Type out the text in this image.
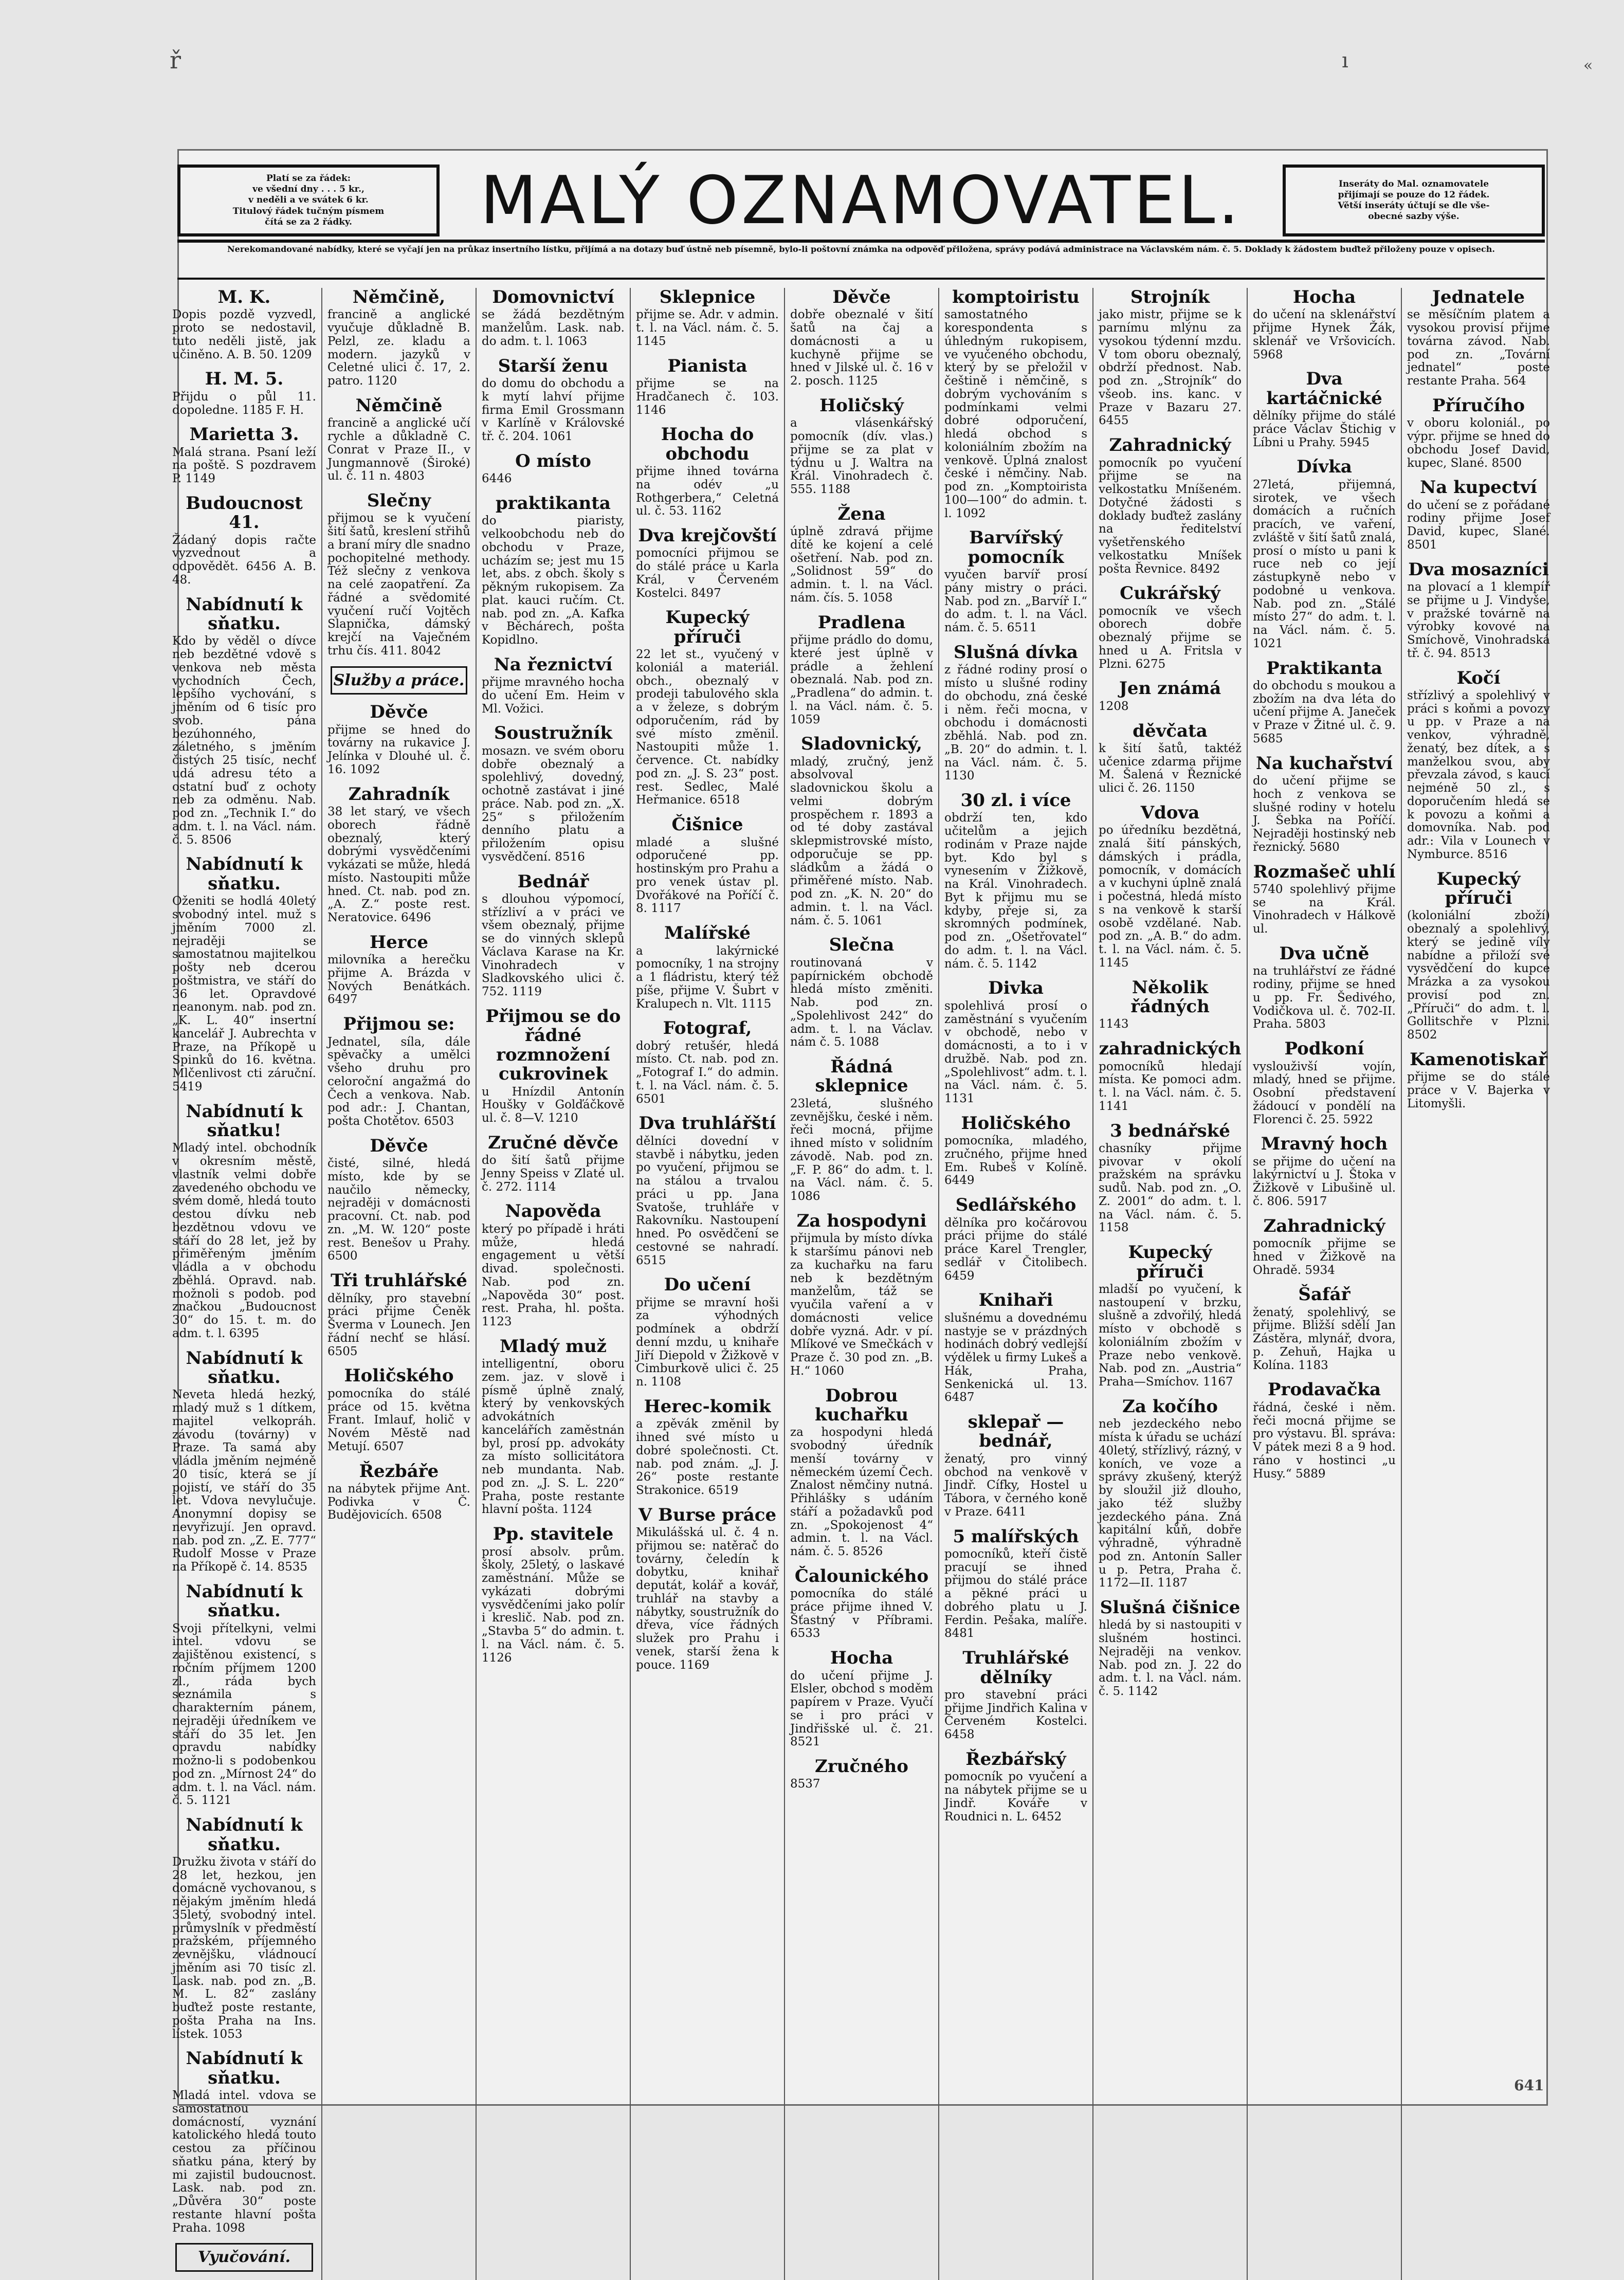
ř	ı	«
Platí se za řádek:
ve všední dny . . . 5 kr.,
v neděli a ve svátek 6 kr.
Titulový řádek tučným písmem
čítá se za 2 řádky.	MALÝ OZNAMOVATEL.	Inseráty do Mal. oznamovatele
přijímají se pouze do 12 řádek.
Větší inseráty účtují se dle vše-
obecné sazby výše.
Nerekomandované nabídky, které se vyčají jen na průkaz insertního lístku, přijímá a na dotazy buď ústně neb písemně, bylo-li poštovní známka na odpověď přiložena, správy podává administrace na Václavském nám. č. 5. Doklady k žádostem buďtež přiloženy pouze v opisech.
M. K.
Dopis pozdě vyzvedl, proto se nedostavil, tuto neděli jistě, jak učiněno. A. B. 50. 1209
H. M. 5.
Přijdu o půl 11. dopoledne. 1185 F. H.
Marietta 3.
Malá strana. Psaní leží na poště. S pozdravem P. 1149
Budoucnost 41.
Žádaný dopis račte vyzvednout a odpovědět. 6456 A. B. 48.
Nabídnutí k sňatku.
Kdo by věděl o dívce neb bezdětné vdově s venkova neb města vychodních Čech, lepšího vychování, s jměním od 6 tisíc pro svob. pána bezúhonného, záletného, s jměním čistých 25 tisíc, nechť udá adresu této a ostatní buď z ochoty neb za odměnu. Nab. pod zn. „Technik I.“ do adm. t. l. na Václ. nám. č. 5. 8506
Nabídnutí k sňatku.
Oženiti se hodlá 40letý svobodný intel. muž s jměním 7000 zl. nejraději se samostatnou majitelkou pošty neb dcerou poštmistra, ve stáří do 36 let. Opravdové neanonym. nab. pod zn. „K. L. 40“ insertní kancelář J. Aubrechta v Praze, na Příkopě u Spinků do 16. května. Mlčenlivost cti záruční. 5419
Nabídnutí k sňatku!
Mladý intel. obchodník v okresním městě, vlastník velmi dobře zavedeného obchodu ve svém domě, hledá touto cestou dívku neb bezdětnou vdovu ve stáří do 28 let, jež by přiměřeným jměním vládla a v obchodu zběhlá. Opravd. nab. možnoli s podob. pod značkou „Budoucnost 30“ do 15. t. m. do adm. t. l. 6395
Nabídnutí k sňatku.
Neveta hledá hezký, mladý muž s 1 dítkem, majitel velkopráh. závodu (továrny) v Praze. Ta samá aby vládla jměním nejméně 20 tisíc, která se jí pojistí, ve stáří do 35 let. Vdova nevylučuje. Anonymní dopisy se nevyřizují. Jen opravd. nab. pod zn. „Z. E. 777“ Rudolf Mosse v Praze na Příkopě č. 14. 8535
Nabídnutí k sňatku.
Svoji přítelkyni, velmi intel. vdovu se zajištěnou existencí, s ročním příjmem 1200 zl., ráda bych seznámila s charakterním pánem, nejraději úředníkem ve stáří do 35 let. Jen opravdu nabídky možno-li s podobenkou pod zn. „Mírnost 24“ do adm. t. l. na Václ. nám. č. 5. 1121
Nabídnutí k sňatku.
Družku života v stáří do 28 let, hezkou, jen domácně vychovanou, s nějakým jměním hledá 35letý, svobodný intel. průmyslník v předměstí pražském, příjemného zevnějšku, vládnoucí jměním asi 70 tisíc zl. Lask. nab. pod zn. „B. M. L. 82“ zaslány buďtež poste restante, pošta Praha na Ins. lístek. 1053
Nabídnutí k sňatku.
Mladá intel. vdova se samostatnou domácností, vyznání katolického hledá touto cestou za příčinou sňatku pána, který by mi zajistil budoucnost. Lask. nab. pod zn. „Důvěra 30“ poste restante hlavní pošta Praha. 1098
Vyučování.
Němčině,
francině a anglické vyučuje důkladně B. Pelzl, ze. kladu a modern. jazyků v Celetné ulici č. 17, 2. patro. 1120
Němčině
francině a anglické učí rychle a důkladně C. Conrat v Praze II., v Jungmannově (Široké) ul. č. 11 n. 4803
Slečny
přijmou se k vyučení šití šatů, kreslení střihů a braní míry dle snadno pochopitelné methody. Též slečny z venkova na celé zaopatření. Za řádné a svědomité vyučení ručí Vojtěch Slapnička, dámský krejčí na Vaječném trhu čís. 411. 8042
Služby a práce.
Děvče
přijme se hned do továrny na rukavice J. Jelínka v Dlouhé ul. č. 16. 1092
Zahradník
38 let starý, ve všech oborech řádně obeznalý, který dobrými vysvědčeními vykázati se může, hledá místo. Nastoupiti může hned. Ct. nab. pod zn. „A. Z.“ poste rest. Neratovice. 6496
Herce
milovníka a herečku přijme A. Brázda v Nových Benátkách. 6497
Přijmou se:
Jednatel, síla, dále spěvačky a umělci všeho druhu pro celoroční angažmá do Čech a venkova. Nab. pod adr.: J. Chantan, pošta Chotětov. 6503
Děvče
čisté, silné, hledá místo, kde by se naučilo německy, nejraději v domácnosti pracovní. Ct. nab. pod zn. „M. W. 120“ poste rest. Benešov u Prahy. 6500
Tři truhlářské
dělníky, pro stavební práci přijme Čeněk Šverma v Lounech. Jen řádní nechť se hlásí. 6505
Holičského
pomocníka do stálé práce od 15. května Frant. Imlauf, holič v Novém Městě nad Metují. 6507
Řezbáře
na nábytek přijme Ant. Podivka v Č. Budějovicích. 6508
Domovnictví
se žádá bezdětným manželům. Lask. nab. do adm. t. l. 1063
Starší ženu
do domu do obchodu a k mytí lahví přijme firma Emil Grossmann v Karlíně v Královské tř. č. 204. 1061
O místo
6446
praktikanta
do piaristy, velkoobchodu neb do obchodu v Praze, ucházím se; jest mu 15 let, abs. z obch. školy s pěkným rukopisem. Za plat. kauci ručím. Ct. nab. pod zn. „A. Kafka v Běchárech, pošta Kopidlno.
Na řeznictví
přijme mravného hocha do učení Em. Heim v Ml. Vožici.
Soustružník
mosazn. ve svém oboru dobře obeznalý a spolehlivý, dovedný, ochotně zastávat i jiné práce. Nab. pod zn. „X. 25“ s přiložením denního platu a přiložením opisu vysvědčení. 8516
Bednář
s dlouhou výpomocí, střízliví a v práci ve všem obeznalý, přijme se do vinných sklepů Václava Karase na Kr. Vinohradech v Sladkovského ulici č. 752. 1119
Přijmou se do řádné rozmnožení cukrovinek
u Hnízdil Antonín Houšky v Golďáčkově ul. č. 8—V. 1210
Zručné děvče
do šití šatů přijme Jenny Speiss v Zlaté ul. č. 272. 1114
Napověda
který po případě i hráti může, hledá engagement u větší divad. společnosti. Nab. pod zn. „Napověda 30“ post. rest. Praha, hl. pošta. 1123
Mladý muž
intelligentní, oboru zem. jaz. v slově i písmě úplně znalý, který by venkovských advokátních kancelářích zaměstnán byl, prosí pp. advokáty za místo sollicitátora neb mundanta. Nab. pod zn. „J. S. L. 220“ Praha, poste restante hlavní pošta. 1124
Pp. stavitele
prosí absolv. prům. školy, 25letý, o laskavé zaměstnání. Může se vykázati dobrými vysvědčeními jako polír i kreslič. Nab. pod zn. „Stavba 5“ do admin. t. l. na Václ. nám. č. 5. 1126
Sklepnice
přijme se. Adr. v admin. t. l. na Václ. nám. č. 5. 1145
Pianista
přijme se na Hradčanech č. 103. 1146
Hocha do obchodu
přijme ihned továrna na odév „u Rothgerbera,“ Celetná ul. č. 53. 1162
Dva krejčovští
pomocníci přijmou se do stálé práce u Karla Král, v Červeném Kostelci. 8497
Kupecký příruči
22 let st., vyučený v koloniál a materiál. obch., obeznalý v prodeji tabulového skla a v železe, s dobrým odporučením, rád by své místo změnil. Nastoupiti může 1. července. Ct. nabídky pod zn. „J. S. 23“ post. rest. Sedlec, Malé Heřmanice. 6518
Čišnice
mladé a slušné odporučené pp. hostinským pro Prahu a pro venek ústav pl. Dvořákové na Poříčí č. 8. 1117
Malířské
a lakýrnické pomocníky, 1 na strojny a 1 fládristu, který též píše, přijme V. Šubrt v Kralupech n. Vlt. 1115
Fotograf,
dobrý retušér, hledá místo. Ct. nab. pod zn. „Fotograf I.“ do admin. t. l. na Václ. nám. č. 5. 6501
Dva truhlářští
dělníci dovední v stavbě i nábytku, jeden po vyučení, přijmou se na stálou a trvalou práci u pp. Jana Svatoše, truhláře v Rakovníku. Nastoupení hned. Po osvědčení se cestovné se nahradí. 6515
Do učení
přijme se mravní hoši za výhodných podmínek a obdrží denní mzdu, u knihaře Jiří Diepold v Žižkově v Cimburkově ulici č. 25 n. 1108
Herec-komik
a zpěvák změnil by ihned své místo u dobré společnosti. Ct. nab. pod znám. „J. J. 26“ poste restante Strakonice. 6519
V Burse práce
Mikulášská ul. č. 4 n. přijmou se: natěrač do továrny, čeledín k dobytku, knihař deputát, kolář a kovář, truhlář na stavby a nábytky, soustružník do dřeva, více řádných služek pro Prahu i venek, starší žena k pouce. 1169
Děvče
dobře obeznalé v šití šatů na čaj a domácnosti a u kuchyně přijme se hned v Jilské ul. č. 16 v 2. posch. 1125
Holičský
a vlásenkářský pomocník (dív. vlas.) přijme se za plat v týdnu u J. Waltra na Král. Vinohradech č. 555. 1188
Žena
úplně zdravá přijme dítě ke kojení a celé ošetření. Nab. pod zn. „Solidnost 59“ do admin. t. l. na Václ. nám. čís. 5. 1058
Pradlena
přijme prádlo do domu, které jest úplně v prádle a žehlení obeznalá. Nab. pod zn. „Pradlena“ do admin. t. l. na Václ. nám. č. 5. 1059
Sladovnický,
mladý, zručný, jenž absolvoval sladovnickou školu a velmi dobrým prospěchem r. 1893 a od té doby zastával sklepmistrovské místo, odporučuje se pp. sládkům a žádá o přiměřené místo. Nab. pod zn. „K. N. 20“ do admin. t. l. na Václ. nám. č. 5. 1061
Slečna
routinovaná v papírnickém obchodě hledá místo změniti. Nab. pod zn. „Spolehlivost 242“ do adm. t. l. na Václav. nám č. 5. 1088
Řádná sklepnice
23letá, slušného zevnějšku, české i něm. řeči mocná, přijme ihned místo v solidním závodě. Nab. pod zn. „F. P. 86“ do adm. t. l. na Václ. nám. č. 5. 1086
Za hospodyni
přijmula by místo dívka k staršímu pánovi neb za kuchařku na faru neb k bezdětným manželům, táž se vyučila vaření a v domácnosti velice dobře vyzná. Adr. v pí. Mlíkové ve Smečkách v Praze č. 30 pod zn. „B. H.“ 1060
Dobrou kuchařku
za hospodyni hledá svobodný úředník menší továrny v německém území Čech. Znalost němčiny nutná. Přihlášky s udáním stáří a požadavků pod zn. „Spokojenost 4“ admin. t. l. na Václ. nám. č. 5. 8526
Čalounického
pomocníka do stálé práce přijme ihned V. Šťastný v Příbrami. 6533
Hocha
do učení přijme J. Elsler, obchod s moděm papírem v Praze. Vyučí se i pro práci v Jindřišské ul. č. 21. 8521
Zručného
8537
komptoiristu
samostatného korespondenta s úhledným rukopisem, ve vyučeného obchodu, který by se přeložil v češtině i němčině, s dobrým vychováním s podmínkami velmi dobré odporučení, hledá obchod s koloniálním zbožím na venkově. Úplná znalost české i němčiny. Nab. pod zn. „Komptoirista 100—100“ do admin. t. l. 1092
Barvířský pomocník
vyučen barvíř prosí pány mistry o práci. Nab. pod zn. „Barvíř I.“ do adm. t. l. na Václ. nám. č. 5. 6511
Slušná dívka
z řádné rodiny prosí o místo u slušné rodiny do obchodu, zná české i něm. řeči mocna, v obchodu i domácnosti zběhlá. Nab. pod zn. „B. 20“ do admin. t. l. na Václ. nám. č. 5. 1130
30 zl. i více
obdrží ten, kdo učitelům a jejich rodinám v Praze najde byt. Kdo byl s vynesením v Žižkově, na Král. Vinohradech. Byt k přijmu mu se kdyby, přeje si, za skromných podmínek, pod zn. „Ošetřovatel“ do adm. t. l. na Václ. nám. č. 5. 1142
Divka
spolehlivá prosí o zaměstnání s vyučením v obchodě, nebo v domácnosti, a to i v družbě. Nab. pod zn. „Spolehlivost“ adm. t. l. na Václ. nám. č. 5. 1131
Holičského
pomocníka, mladého, zručného, přijme hned Em. Rubeš v Kolíně. 6449
Sedlářského
dělníka pro kočárovou práci přijme do stálé práce Karel Trengler, sedlář v Čitolibech. 6459
Knihaři
slušnému a dovednému nastyje se v prázdných hodinách dobrý vedlejší výdělek u firmy Lukeš a Hák, Praha, Senkenická ul. 13. 6487
sklepař — bednář,
ženatý, pro vinný obchod na venkově v Jindř. Cífky, Hostel u Tábora, v černého koně v Praze. 6411
5 malířských
pomocníků, kteří čistě pracují se ihned přijmou do stálé práce a pěkné práci u dobrého platu u J. Ferdin. Pešaka, malíře. 8481
Truhlářské dělníky
pro stavební práci přijme Jindřich Kalina v Červeném Kostelci. 6458
Řezbářský
pomocník po vyučení a na nábytek přijme se u Jindř. Kováře v Roudnici n. L. 6452
Strojník
jako mistr, přijme se k parnímu mlýnu za vysokou týdenní mzdu. V tom oboru obeznalý, obdrží přednost. Nab. pod zn. „Strojník“ do všeob. ins. kanc. v Praze v Bazaru 27. 6455
Zahradnický
pomocník po vyučení přijme se na velkostatku Mníšeném. Dotyčné žádosti s doklady buďtež zaslány na ředitelství vyšetřenského velkostatku Mníšek pošta Řevnice. 8492
Cukrářský
pomocník ve všech oborech dobře obeznalý přijme se hned u A. Fritsla v Plzni. 6275
Jen známá
1208
děvčata
k šití šatů, taktéž učenice zdarma přijme M. Šalená v Řeznické ulici č. 26. 1150
Vdova
po úředníku bezdětná, znalá šití pánských, dámských i prádla, pomocník, v domácích a v kuchyni úplně znalá i počestná, hledá místo s na venkově k starší osobě vzdělané. Nab. pod zn. „A. B.“ do adm. t. l. na Václ. nám. č. 5. 1145
Několik řádných
1143
zahradnických
pomocníků hledají místa. Ke pomoci adm. t. l. na Václ. nám. č. 5. 1141
3 bednářské
chasníky přijme pivovar v okolí pražském na správku sudů. Nab. pod zn. „O. Z. 2001“ do adm. t. l. na Václ. nám. č. 5. 1158
Kupecký příruči
mladší po vyučení, k nastoupení v brzku, slušně a zdvořilý, hledá místo v obchodě s koloniálním zbožím v Praze nebo venkově. Nab. pod zn. „Austria“ Praha—Smíchov. 1167
Za kočího
neb jezdeckého nebo místa k úřadu se uchází 40letý, střízlivý, rázný, v koních, ve voze a správy zkušený, kterýž by sloužil již dlouho, jako též služby jezdeckého pána. Zná kapitální kůň, dobře výhradně, výhradně pod zn. Antonín Saller u p. Petra, Praha č. 1172—II. 1187
Slušná čišnice
hledá by si nastoupiti v slušném hostinci. Nejraději na venkov. Nab. pod zn. J. 22 do adm. t. l. na Václ. nám. č. 5. 1142
Hocha
do učení na sklenářství přijme Hynek Žák, sklenář ve Vršovicích. 5968
Dva kartáčnické
dělníky přijme do stálé práce Václav Štichig v Líbni u Prahy. 5945
Dívka
27letá, přijemná, sirotek, ve všech domácích a ručních pracích, ve vaření, zvláště v šití šatů znalá, prosí o místo u pani k ruce neb co její zástupkyně nebo v podobné u venkova. Nab. pod zn. „Stálé místo 27“ do adm. t. l. na Václ. nám. č. 5. 1021
Praktikanta
do obchodu s moukou a zbožím na dva léta do učení přijme A. Janeček v Praze v Žitné ul. č. 9. 5685
Na kuchařství
do učení přijme se hoch z venkova se slušné rodiny v hotelu J. Šebka na Poříčí. Nejraději hostinský neb řeznický. 5680
Rozmašeč uhlí
5740 spolehlivý přijme se na Král. Vinohradech v Hálkově ul.
Dva učně
na truhlářství ze řádné rodiny, přijme se hned u pp. Fr. Šedivého, Vodičkova ul. č. 702-II. Praha. 5803
Podkoní
vyslouživší vojín, mladý, hned se přijme. Osobní představení žádoucí v pondělí na Florenci č. 25. 5922
Mravný hoch
se přijme do učení na lakýrnictví u J. Štoka v Žižkově v Libušině ul. č. 806. 5917
Zahradnický
pomocník přijme se hned v Žižkově na Ohradě. 5934
Šafář
ženatý, spolehlivý, se přijme. Bližší sdělí Jan Zástěra, mlynář, dvora, p. Zehuň, Hajka u Kolína. 1183
Prodavačka
řádná, české i něm. řeči mocná přijme se pro výstavu. Bl. správa: V pátek mezi 8 a 9 hod. ráno v hostinci „u Husy.“ 5889
Jednatele
se měsíčním platem a vysokou provisí přijme továrna závod. Nab. pod zn. „Tovární jednatel“ poste restante Praha. 564
Příručího
v oboru koloniál., po výpr. přijme se hned do obchodu Josef David, kupec, Slané. 8500
Na kupectví
do učení se z pořádané rodiny přijme Josef David, kupec, Slané. 8501
Dva mosazníci
na plovací a 1 klempíř se přijme u J. Vindyše, v pražské továrně na výrobky kovové na Smíchově, Vinohradská tř. č. 94. 8513
Kočí
střízlivý a spolehlivý v práci s koňmi a povozy u pp. v Praze a na venkov, výhradně, ženatý, bez dítek, a s manželkou svou, aby převzala závod, s kaucí nejméně 50 zl., s doporučením hledá se k povozu a koňmi a domovníka. Nab. pod adr.: Vila v Lounech v Nymburce. 8516
Kupecký příruči
(koloniální zboží) obeznalý a spolehlivý, který se jedině víly nabídne a přiloží své vysvědčení do kupce Mrázka a za vysokou provisí pod zn. „Příruči“ do adm. t. l. Gollitschře v Plzni. 8502
Kamenotiskař
přijme se do stálé práce v V. Bajerka v Litomyšli.
641
